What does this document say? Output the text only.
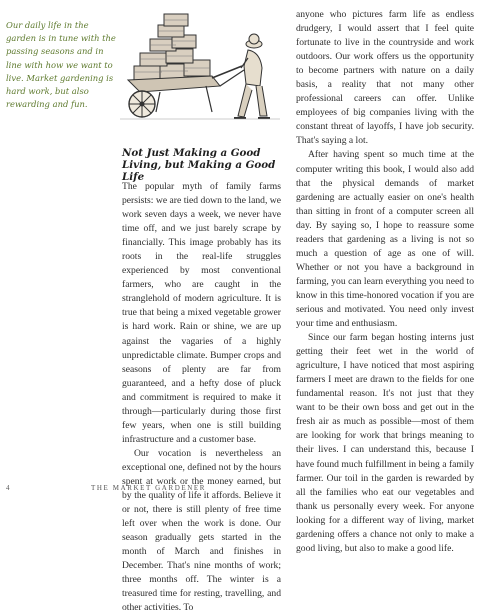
Our daily life in the garden is in tune with the passing seasons and in line with how we want to live. Market gardening is hard work, but also rewarding and fun.

Not Just Making a Good Living, but Making a Good Life

The popular myth of family farms persists: we are tied down to the land, we work seven days a week, we never have time off, and we just barely scrape by financially. This image probably has its roots in the real-life struggles experienced by most conventional farmers, who are caught in the stranglehold of modern agriculture. It is true that being a mixed vegetable grower is hard work. Rain or shine, we are up against the vagaries of a highly unpredictable climate. Bumper crops and seasons of plenty are far from guaranteed, and a hefty dose of pluck and commitment is required to make it through—particularly during those first few years, when one is still building infrastructure and a customer base.

Our vocation is nevertheless an exceptional one, defined not by the hours spent at work or the money earned, but by the quality of life it affords. Believe it or not, there is still plenty of free time left over when the work is done. Our season gradually gets started in the month of March and finishes in December. That's nine months of work; three months off. The winter is a treasured time for resting, travelling, and other activities. To

anyone who pictures farm life as endless drudgery, I would assert that I feel quite fortunate to live in the countryside and work outdoors. Our work offers us the opportunity to become partners with nature on a daily basis, a reality that not many other professional careers can offer. Unlike employees of big companies living with the constant threat of layoffs, I have job security. That's saying a lot.

After having spent so much time at the computer writing this book, I would also add that the physical demands of market gardening are actually easier on one's health than sitting in front of a computer screen all day. By saying so, I hope to reassure some readers that gardening as a living is not so much a question of age as one of will. Whether or not you have a background in farming, you can learn everything you need to know in this time-honored vocation if you are serious and motivated. You need only invest your time and enthusiasm.

Since our farm began hosting interns just getting their feet wet in the world of agriculture, I have noticed that most aspiring farmers I meet are drawn to the fields for one fundamental reason. It's not just that they want to be their own boss and get out in the fresh air as much as possible—most of them are looking for work that brings meaning to their lives. I can understand this, because I have found much fulfillment in being a family farmer. Our toil in the garden is rewarded by all the families who eat our vegetables and thank us personally every week. For anyone looking for a different way of living, market gardening offers a chance not only to make a good living, but also to make a good life.

4	THE MARKET GARDENER
